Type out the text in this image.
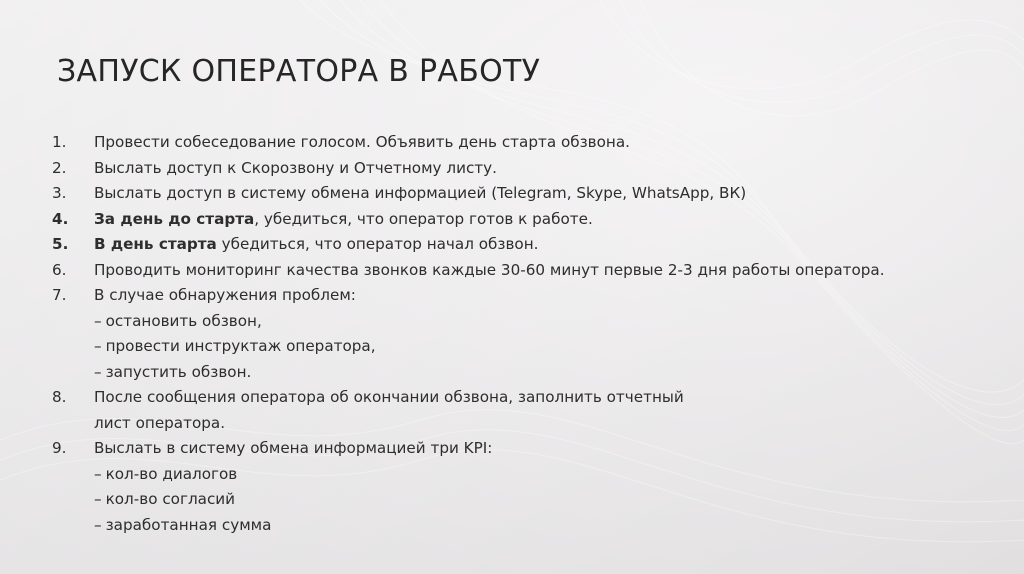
ЗАПУСК ОПЕРАТОРА В РАБОТУ
1.	Провести собеседование голосом. Объявить день старта обзвона.
2.	Выслать доступ к Скорозвону и Отчетному листу.
3.	Выслать доступ в систему обмена информацией (Telegram, Skype, WhatsApp, ВК)
4.	За день до старта, убедиться, что оператор готов к работе.
5.	В день старта убедиться, что оператор начал обзвон.
6.	Проводить мониторинг качества звонков каждые 30-60 минут первые 2-3 дня работы оператора.
7.	В случае обнаружения проблем:
– остановить обзвон,
– провести инструктаж оператора,
– запустить обзвон.
8.	После сообщения оператора об окончании обзвона, заполнить отчетный
лист оператора.
9.	Выслать в систему обмена информацией три KPI:
– кол-во диалогов
– кол-во согласий
– заработанная сумма
